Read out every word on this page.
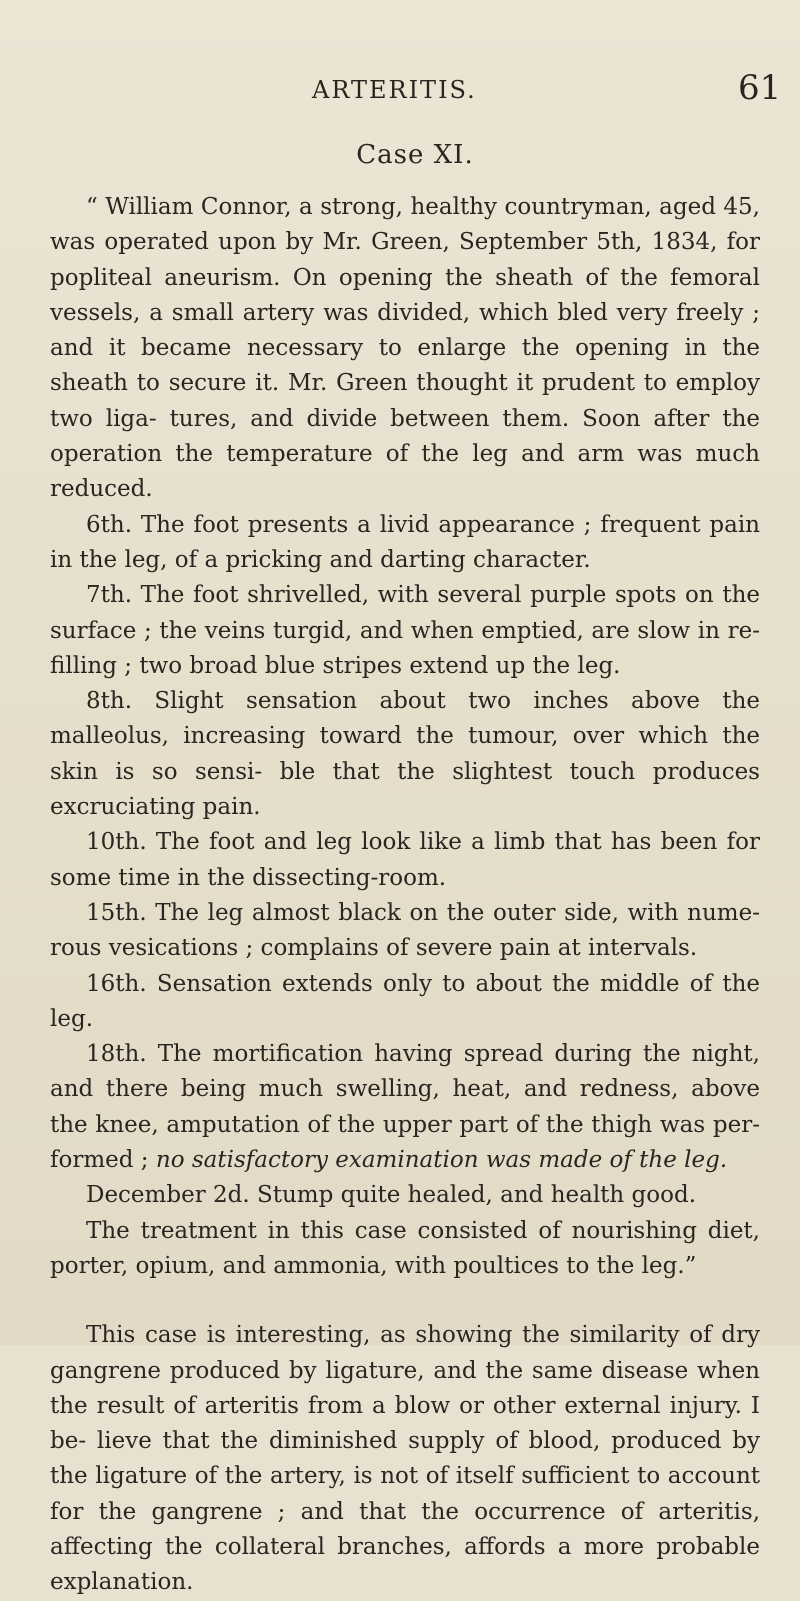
ARTERITIS.	61
Case XI.

“ William Connor, a strong, healthy countryman, aged 45, was operated upon by Mr. Green, September 5th, 1834, for popliteal aneurism. On opening the sheath of the femoral vessels, a small artery was divided, which bled very freely ; and it became necessary to enlarge the opening in the sheath to secure it. Mr. Green thought it prudent to employ two liga- tures, and divide between them. Soon after the operation the temperature of the leg and arm was much reduced.

6th. The foot presents a livid appearance ; frequent pain in the leg, of a pricking and darting character.

7th. The foot shrivelled, with several purple spots on the surface ; the veins turgid, and when emptied, are slow in re- filling ; two broad blue stripes extend up the leg.

8th. Slight sensation about two inches above the malleolus, increasing toward the tumour, over which the skin is so sensi- ble that the slightest touch produces excruciating pain.

10th. The foot and leg look like a limb that has been for some time in the dissecting-room.

15th. The leg almost black on the outer side, with nume- rous vesications ; complains of severe pain at intervals.

16th. Sensation extends only to about the middle of the leg.

18th. The mortification having spread during the night, and there being much swelling, heat, and redness, above the knee, amputation of the upper part of the thigh was per- formed ; no satisfactory examination was made of the leg.

December 2d. Stump quite healed, and health good.

The treatment in this case consisted of nourishing diet, porter, opium, and ammonia, with poultices to the leg.”

This case is interesting, as showing the similarity of dry gangrene produced by ligature, and the same disease when the result of arteritis from a blow or other external injury. I be- lieve that the diminished supply of blood, produced by the ligature of the artery, is not of itself sufficient to account for the gangrene ; and that the occurrence of arteritis, affecting the collateral branches, affords a more probable explanation.
